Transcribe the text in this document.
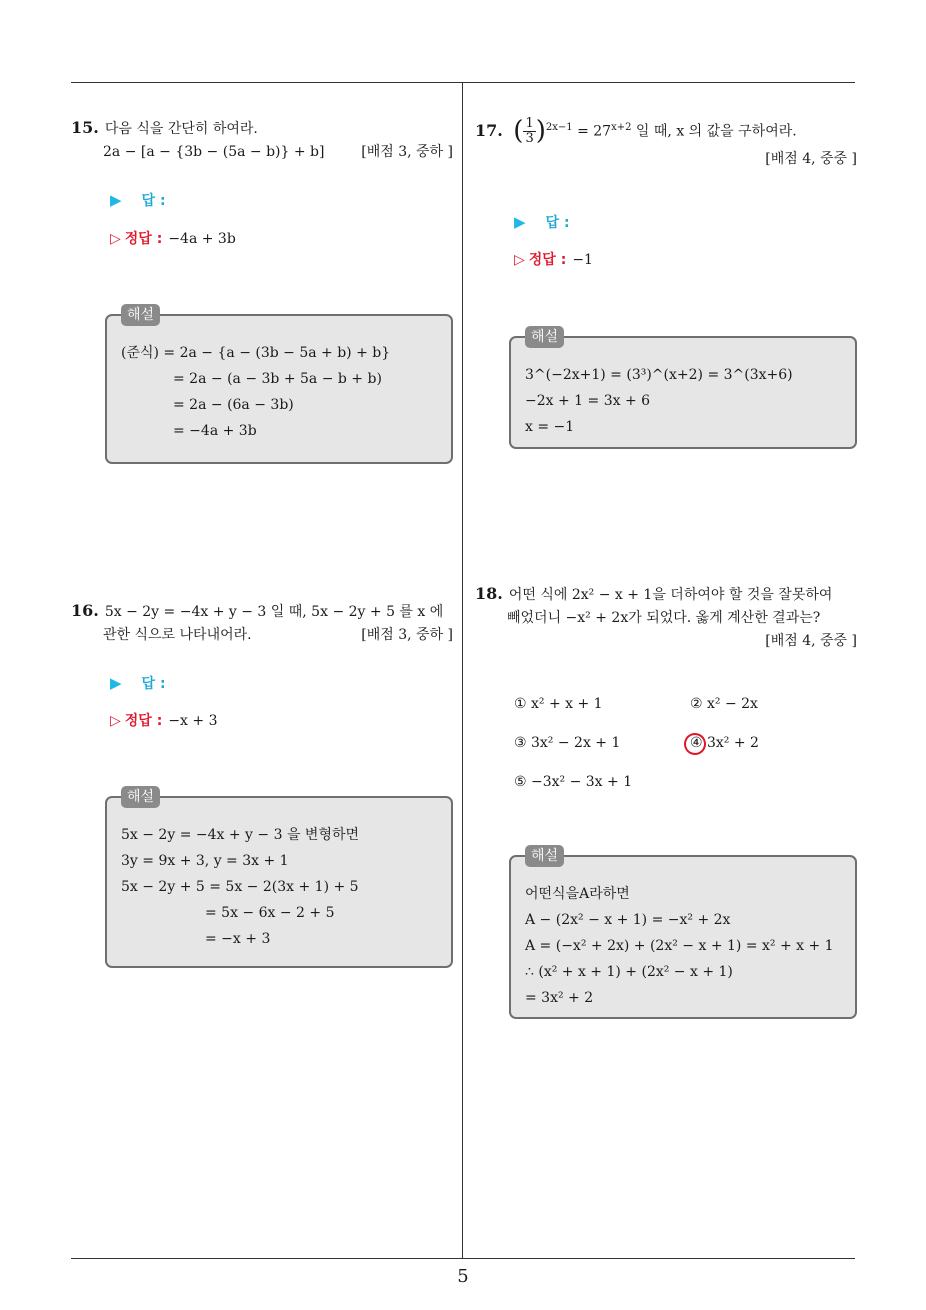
15. 다음 식을 간단히 하여라.
2a − [a − {3b − (5a − b)} + b]	[배점 3, 중하 ]
▶ 답 :
▷ 정답 : −4a + 3b
해설
(준식) = 2a − {a − (3b − 5a + b) + b}
= 2a − (a − 3b + 5a − b + b)
= 2a − (6a − 3b)
= −4a + 3b
16. 5x − 2y = −4x + y − 3 일 때, 5x − 2y + 5 를 x 에
관한 식으로 나타내어라.	[배점 3, 중하 ]
▶ 답 :
▷ 정답 : −x + 3
해설
5x − 2y = −4x + y − 3 을 변형하면
3y = 9x + 3, y = 3x + 1
5x − 2y + 5 = 5x − 2(3x + 1) + 5
= 5x − 6x − 2 + 5
= −x + 3
17. ( $\frac{1}{3} )^{2x-1} = 27^{x+2}$ 일 때, x 의 값을 구하여라.
[배점 4, 중중 ]
▶ 답 :
▷ 정답 : −1
해설
3^(−2x+1) = (3³)^(x+2) = 3^(3x+6)
−2x + 1 = 3x + 6
x = −1
18. 어떤 식에 2x² − x + 1을 더하여야 할 것을 잘못하여
빼었더니 −x² + 2x가 되었다. 옳게 계산한 결과는?
[배점 4, 중중 ]
① x² + x + 1	② x² − 2x
③ 3x² − 2x + 1	④ 3x² + 2
⑤ −3x² − 3x + 1
해설
어떤식을A라하면
A − (2x² − x + 1) = −x² + 2x
A = (−x² + 2x) + (2x² − x + 1) = x² + x + 1
∴ (x² + x + 1) + (2x² − x + 1)
= 3x² + 2
5
